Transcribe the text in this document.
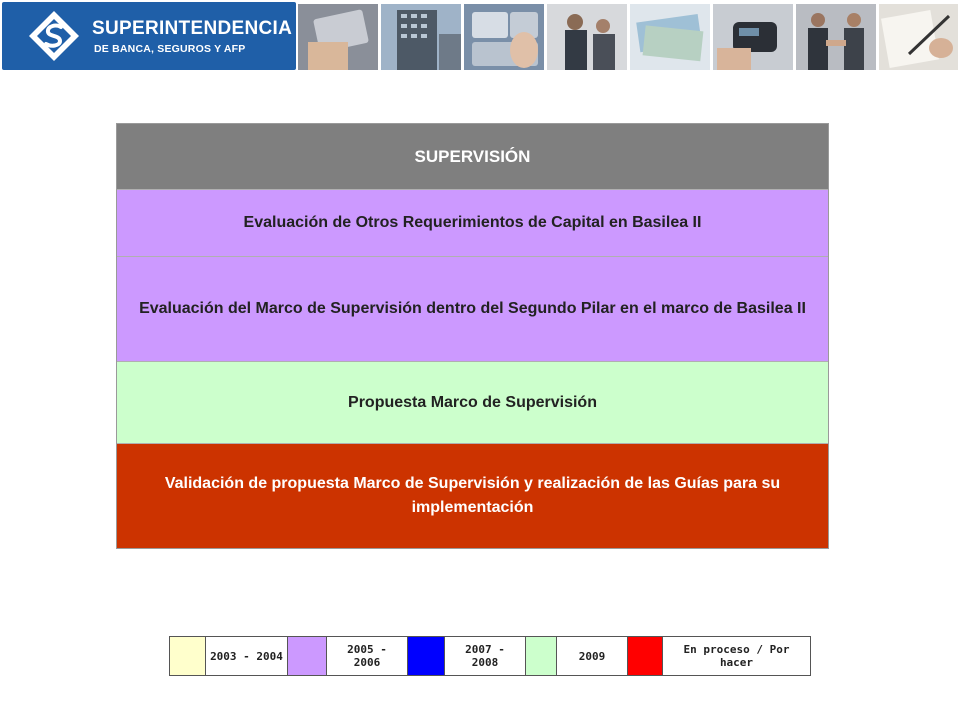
SUPERINTENDENCIA
DE BANCA, SEGUROS Y AFP
SUPERVISIÓN
Evaluación de Otros Requerimientos de Capital en Basilea II
Evaluación del Marco de Supervisión dentro del Segundo Pilar en el marco de Basilea II
Propuesta Marco de Supervisión
Validación de propuesta Marco de Supervisión y realización de las Guías para su implementación
2003 - 2004	2005 - 2006
2007 - 2008	2009	En proceso / Por hacer
